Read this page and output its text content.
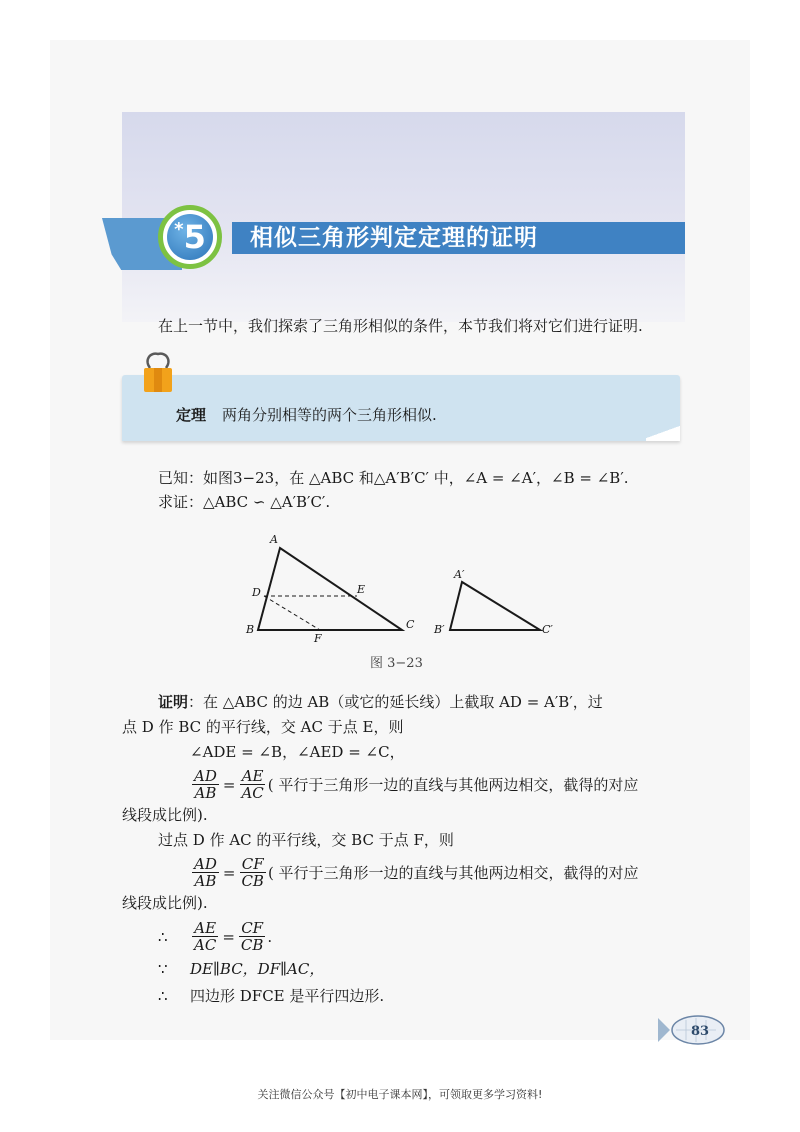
* 5 相似三角形判定定理的证明
在上一节中，我们探索了三角形相似的条件，本节我们将对它们进行证明.
定理 两角分别相等的两个三角形相似.
已知：如图3−23，在 △ABC 和△A′B′C′ 中，∠A = ∠A′，∠B = ∠B′.
求证：△ABC ∽ △A′B′C′.
A
B	C
D	E
F
A′
B′	C′
图 3−23
证明：在 △ABC 的边 AB（或它的延长线）上截取 AD = A′B′，过
点 D 作 BC 的平行线，交 AC 于点 E，则
∠ADE = ∠B，∠AED = ∠C，
$\frac{AD}{AB} = \frac{AE}{AC}$ ( 平行于三角形一边的直线与其他两边相交，截得的对应
线段成比例).
过点 D 作 AC 的平行线，交 BC 于点 F，则
$\frac{AD}{AB} = \frac{CF}{CB}$ ( 平行于三角形一边的直线与其他两边相交，截得的对应
线段成比例).
∴	$\frac{AE}{AC} = \frac{CF}{CB}$ .
∵	DE∥BC，DF∥AC，
∴	四边形 DFCE 是平行四边形.
83
关注微信公众号【初中电子课本网】，可领取更多学习资料!
